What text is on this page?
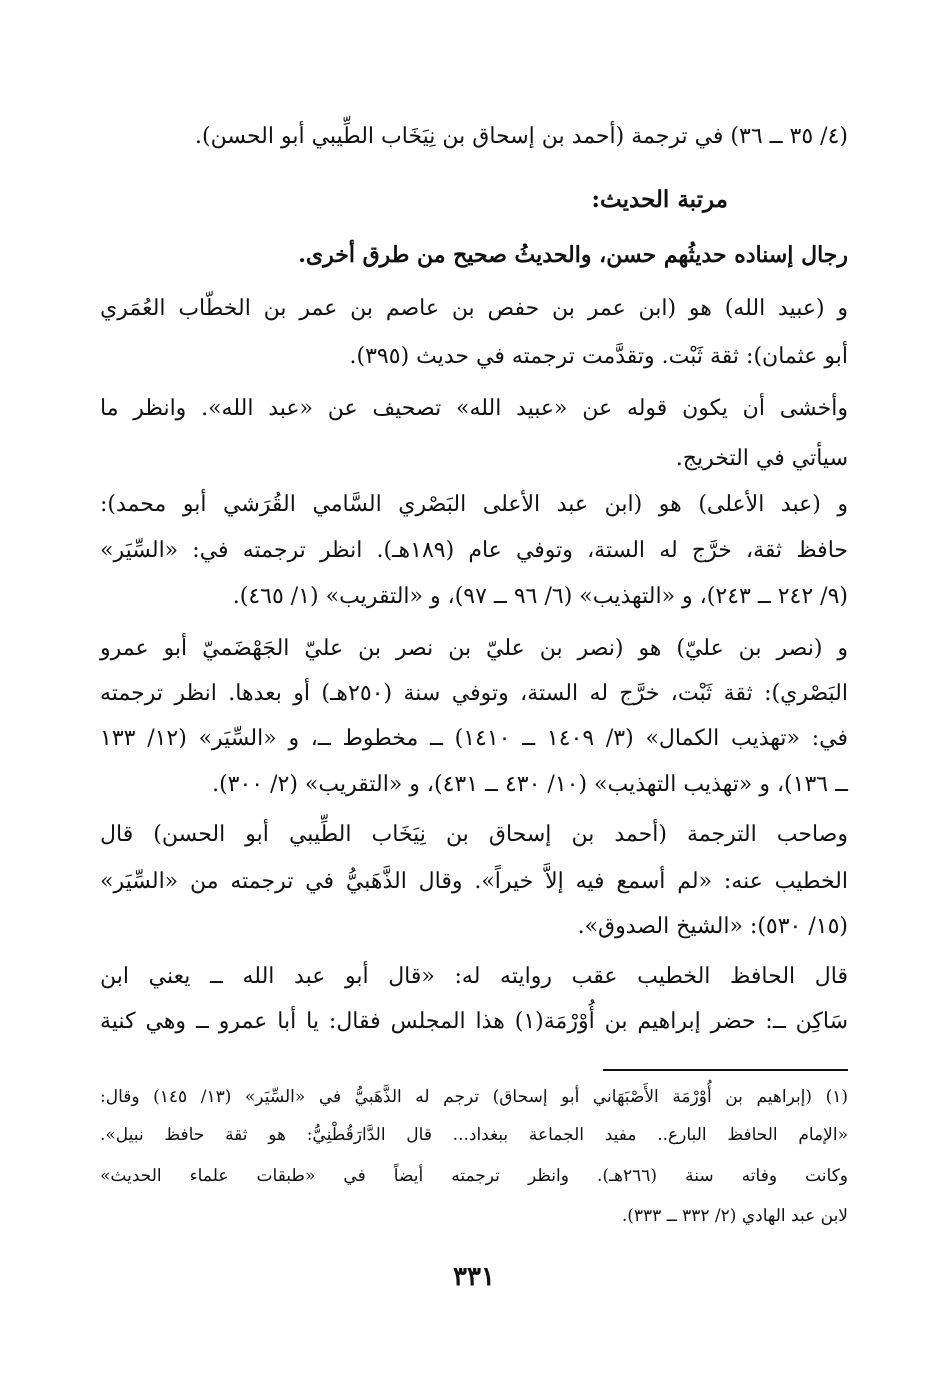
(٤/ ٣٥ ــ ٣٦) في ترجمة (أحمد بن إسحاق بن نِيَخَاب الطِّيبي أبو الحسن).
مرتبة الحديث:
رجال إسناده حديثُهم حسن، والحديثُ صحيح من طرق أخرى.
و (عبيد الله) هو (ابن عمر بن حفص بن عاصم بن عمر بن الخطّاب العُمَري
أبو عثمان): ثقة ثَبْت. وتقدَّمت ترجمته في حديث (٣٩٥).
وأخشى أن يكون قوله عن «عبيد الله» تصحيف عن «عبد الله». وانظر ما
سيأتي في التخريج.
و (عبد الأعلى) هو (ابن عبد الأعلى البَصْري السَّامي القُرَشي أبو محمد):
حافظ ثقة، خرَّج له الستة، وتوفي عام (١٨٩هـ). انظر ترجمته في: «السِّيَر»
(٩/ ٢٤٢ ــ ٢٤٣)، و «التهذيب» (٦/ ٩٦ ــ ٩٧)، و «التقريب» (١/ ٤٦٥).
و (نصر بن عليّ) هو (نصر بن عليّ بن نصر بن عليّ الجَهْضَميّ أبو عمرو
البَصْري): ثقة ثَبْت، خرَّج له الستة، وتوفي سنة (٢٥٠هـ) أو بعدها. انظر ترجمته
في: «تهذيب الكمال» (٣/ ١٤٠٩ ــ ١٤١٠) ــ مخطوط ــ، و «السِّيَر» (١٢/ ١٣٣
ــ ١٣٦)، و «تهذيب التهذيب» (١٠/ ٤٣٠ ــ ٤٣١)، و «التقريب» (٢/ ٣٠٠).
وصاحب الترجمة (أحمد بن إسحاق بن نِيَخَاب الطِّيبي أبو الحسن) قال
الخطيب عنه: «لم أسمع فيه إلاَّ خيراً». وقال الذَّهَبيُّ في ترجمته من «السِّيَر»
(١٥/ ٥٣٠): «الشيخ الصدوق».
قال الحافظ الخطيب عقب روايته له: «قال أبو عبد الله ــ يعني ابن
سَاكِن ــ: حضر إبراهيم بن أُوْرْمَة(١) هذا المجلس فقال: يا أبا عمرو ــ وهي كنية
(١) (إبراهيم بن أُوْرْمَة الأَصْبَهَاني أبو إسحاق) ترجم له الذَّهَبيُّ في «السِّيَر» (١٣/ ١٤٥) وقال:
«الإمام الحافظ البارع.. مفيد الجماعة ببغداد... قال الدَّارَقُطْنِيُّ: هو ثقة حافظ نبيل».
وكانت وفاته سنة (٢٦٦هـ). وانظر ترجمته أيضاً في «طبقات علماء الحديث»
لابن عبد الهادي (٢/ ٣٣٢ ــ ٣٣٣).
٣٣١
